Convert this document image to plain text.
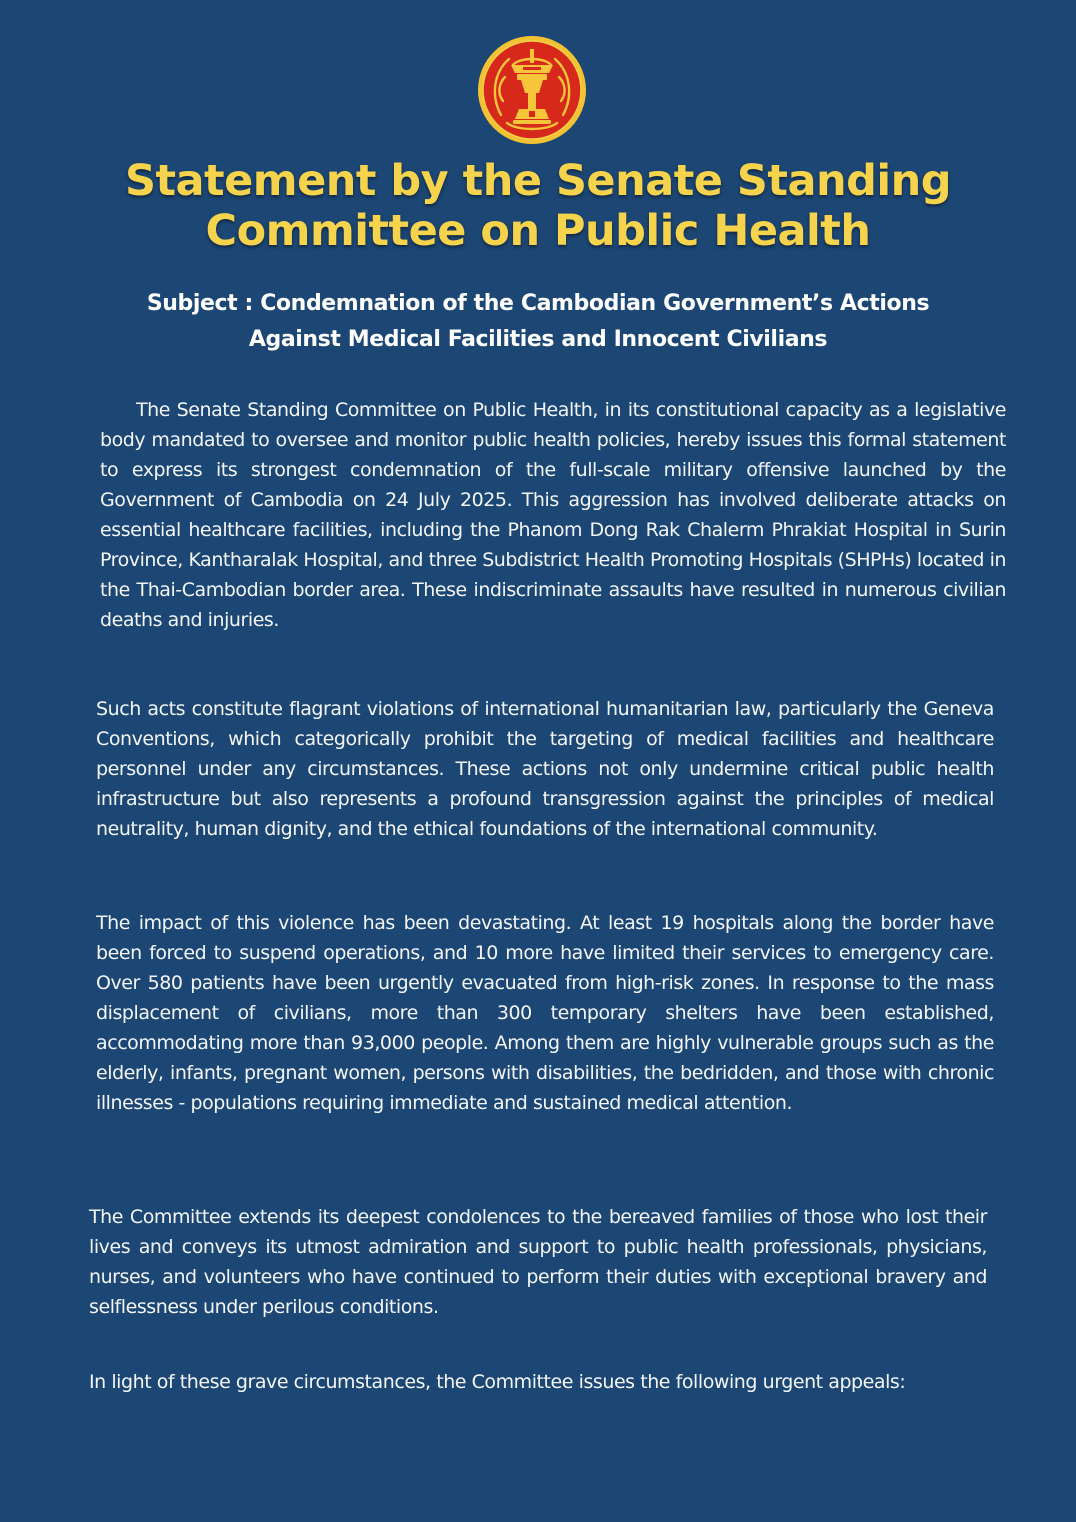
Statement by the Senate Standing
Committee on Public Health
Subject : Condemnation of the Cambodian Government’s Actions
Against Medical Facilities and Innocent Civilians

The Senate Standing Committee on Public Health, in its constitutional capacity as a legislative body mandated to oversee and monitor public health policies, hereby issues this formal statement to express its strongest condemnation of the full-scale military offensive launched by the Government of Cambodia on 24 July 2025. This aggression has involved deliberate attacks on essential healthcare facilities, including the Phanom Dong Rak Chalerm Phrakiat Hospital in Surin Province, Kantharalak Hospital, and three Subdistrict Health Promoting Hospitals (SHPHs) located in the Thai-Cambodian border area. These indiscriminate assaults have resulted in numerous civilian deaths and injuries.

Such acts constitute flagrant violations of international humanitarian law, particularly the Geneva Conventions, which categorically prohibit the targeting of medical facilities and healthcare personnel under any circumstances. These actions not only undermine critical public health infrastructure but also represents a profound transgression against the principles of medical neutrality, human dignity, and the ethical foundations of the international community.

The impact of this violence has been devastating. At least 19 hospitals along the border have been forced to suspend operations, and 10 more have limited their services to emergency care. Over 580 patients have been urgently evacuated from high-risk zones. In response to the mass displacement of civilians, more than 300 temporary shelters have been established, accommodating more than 93,000 people. Among them are highly vulnerable groups such as the elderly, infants, pregnant women, persons with disabilities, the bedridden, and those with chronic illnesses - populations requiring immediate and sustained medical attention.

The Committee extends its deepest condolences to the bereaved families of those who lost their lives and conveys its utmost admiration and support to public health professionals, physicians, nurses, and volunteers who have continued to perform their duties with exceptional bravery and selflessness under perilous conditions.

In light of these grave circumstances, the Committee issues the following urgent appeals:
